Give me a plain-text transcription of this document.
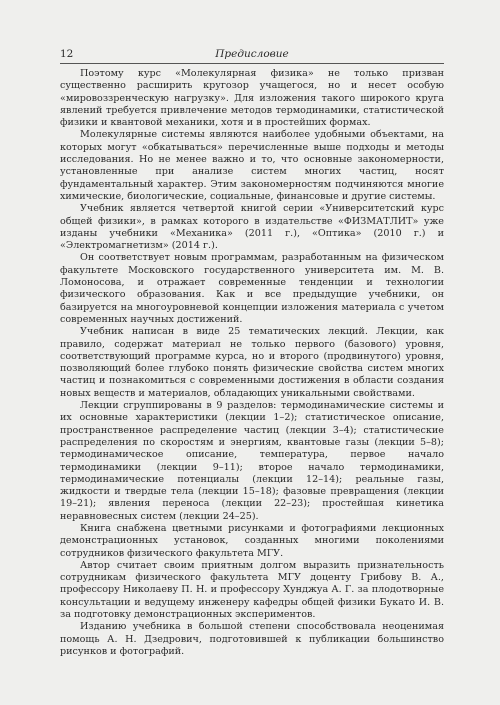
12	Предисловие

Поэтому курс «Молекулярная физика» не только призван существенно расширить кругозор учащегося, но и несет особую «мировоззренческую нагрузку». Для изложения такого широкого круга явлений требуется привлечение методов термодинамики, статистической физики и квантовой механики, хотя и в простейших формах.

Молекулярные системы являются наиболее удобными объектами, на которых могут «обкатываться» перечисленные выше подходы и методы исследования. Но не менее важно и то, что основные закономерности, установленные при анализе систем многих частиц, носят фундаментальный характер. Этим закономерностям подчиняются многие химические, биологические, социальные, финансовые и другие системы.

Учебник является четвертой книгой серии «Университетский курс общей физики», в рамках которого в издательстве «ФИЗМАТЛИТ» уже изданы учебники «Механика» (2011 г.), «Оптика» (2010 г.) и «Электромагнетизм» (2014 г.).

Он соответствует новым программам, разработанным на физическом факультете Московского государственного университета им. М. В. Ломоносова, и отражает современные тенденции и технологии физического образования. Как и все предыдущие учебники, он базируется на многоуровневой концепции изложения материала с учетом современных научных достижений.

Учебник написан в виде 25 тематических лекций. Лекции, как правило, содержат материал не только первого (базового) уровня, соответствующий программе курса, но и второго (продвинутого) уровня, позволяющий более глубоко понять физические свойства систем многих частиц и познакомиться с современными достижения в области создания новых веществ и материалов, обладающих уникальными свойствами.

Лекции сгруппированы в 9 разделов: термодинамические системы и их основные характеристики (лекции 1–2); статистическое описание, пространственное распределение частиц (лекции 3–4); статистические распределения по скоростям и энергиям, квантовые газы (лекции 5–8); термодинамическое описание, температура, первое начало термодинамики (лекции 9–11); второе начало термодинамики, термодинамические потенциалы (лекции 12–14); реальные газы, жидкости и твердые тела (лекции 15–18); фазовые превращения (лекции 19–21); явления переноса (лекции 22–23); простейшая кинетика неравновесных систем (лекции 24–25).

Книга снабжена цветными рисунками и фотографиями лекционных демонстрационных установок, созданных многими поколениями сотрудников физического факультета МГУ.

Автор считает своим приятным долгом выразить признательность сотрудникам физического факультета МГУ доценту Грибову В. А., профессору Николаеву П. Н. и профессору Хунджуа А. Г. за плодотворные консультации и ведущему инженеру кафедры общей физики Букато И. В. за подготовку демонстрационных экспериментов.

Изданию учебника в большой степени способствовала неоценимая помощь А. Н. Дзедрович, подготовившей к публикации большинство рисунков и фотографий.
